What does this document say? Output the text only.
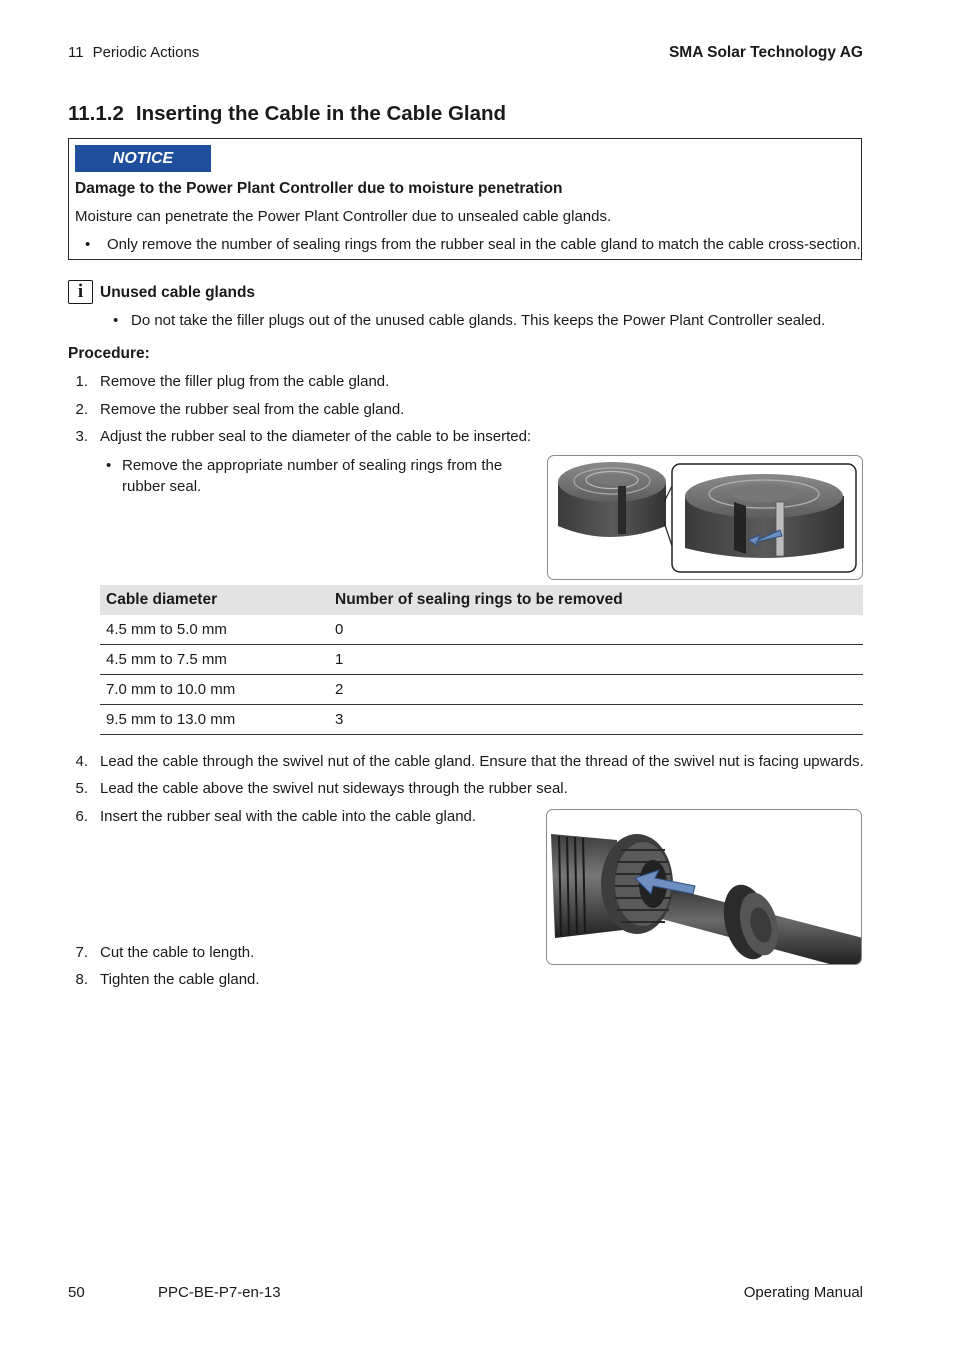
11 Periodic Actions	SMA Solar Technology AG
11.1.2 Inserting the Cable in the Cable Gland
NOTICE
Damage to the Power Plant Controller due to moisture penetration
Moisture can penetrate the Power Plant Controller due to unsealed cable glands.
• Only remove the number of sealing rings from the rubber seal in the cable gland to match the cable cross-section.
i	Unused cable glands
• Do not take the filler plugs out of the unused cable glands. This keeps the Power Plant Controller sealed.
Procedure:
1. Remove the filler plug from the cable gland.
2. Remove the rubber seal from the cable gland.
3. Adjust the rubber seal to the diameter of the cable to be inserted:
• Remove the appropriate number of sealing rings from the rubber seal.
Cable diameter	Number of sealing rings to be removed
4.5 mm to 5.0 mm	0
4.5 mm to 7.5 mm	1
7.0 mm to 10.0 mm	2
9.5 mm to 13.0 mm	3
4. Lead the cable through the swivel nut of the cable gland. Ensure that the thread of the swivel nut is facing upwards.
5. Lead the cable above the swivel nut sideways through the rubber seal.
6. Insert the rubber seal with the cable into the cable gland.
7. Cut the cable to length.
8. Tighten the cable gland.
50	PPC-BE-P7-en-13	Operating Manual
